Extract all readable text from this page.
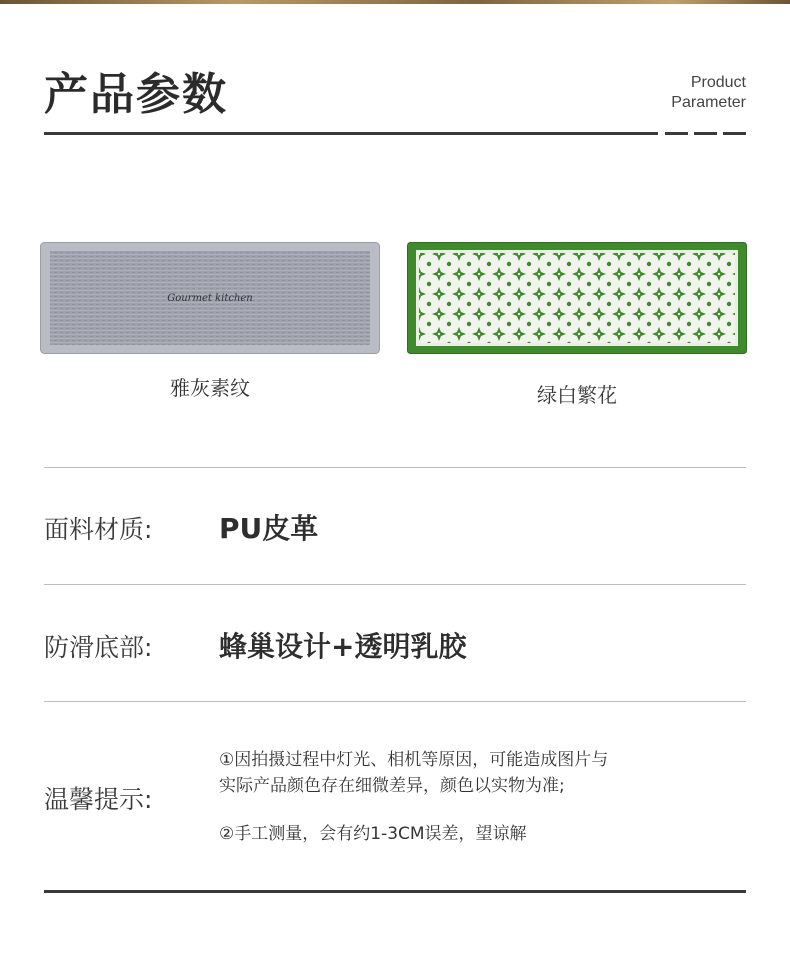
产品参数	Product
Parameter
Gourmet kitchen
雅灰素纹	绿白繁花
面料材质: PU皮革
防滑底部: 蜂巢设计+透明乳胶
温馨提示:

①因拍摄过程中灯光、相机等原因，可能造成图片与

实际产品颜色存在细微差异，颜色以实物为准;

②手工测量，会有约1-3CM误差，望谅解
